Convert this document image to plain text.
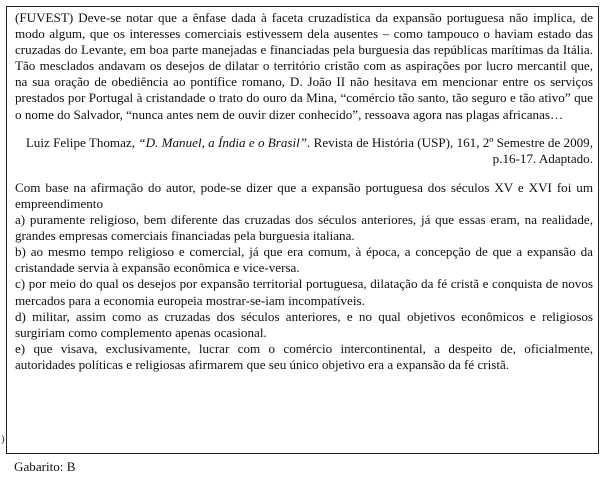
(FUVEST) Deve-se notar que a ênfase dada à faceta cruzadística da expansão portuguesa não implica, de modo algum, que os interesses comerciais estivessem dela ausentes – como tampouco o haviam estado das cruzadas do Levante, em boa parte manejadas e financiadas pela burguesia das repúblicas marítimas da Itália. Tão mesclados andavam os desejos de dilatar o território cristão com as aspirações por lucro mercantil que, na sua oração de obediência ao pontífice romano, D. João II não hesitava em mencionar entre os serviços prestados por Portugal à cristandade o trato do ouro da Mina, “comércio tão santo, tão seguro e tão ativo” que o nome do Salvador, “nunca antes nem de ouvir dizer conhecido”, ressoava agora nas plagas africanas…

Luiz Felipe Thomaz, “D. Manuel, a Índia e o Brasil”. Revista de História (USP), 161, 2º Semestre de 2009, p.16-17. Adaptado.

Com base na afirmação do autor, pode-se dizer que a expansão portuguesa dos séculos XV e XVI foi um empreendimento

a) puramente religioso, bem diferente das cruzadas dos séculos anteriores, já que essas eram, na realidade, grandes empresas comerciais financiadas pela burguesia italiana.

b) ao mesmo tempo religioso e comercial, já que era comum, à época, a concepção de que a expansão da cristandade servia à expansão econômica e vice-versa.

c) por meio do qual os desejos por expansão territorial portuguesa, dilatação da fé cristã e conquista de novos mercados para a economia europeia mostrar-se-iam incompatíveis.

d) militar, assim como as cruzadas dos séculos anteriores, e no qual objetivos econômicos e religiosos surgiriam como complemento apenas ocasional.

e) que visava, exclusivamente, lucrar com o comércio intercontinental, a despeito de, oficialmente, autoridades políticas e religiosas afirmarem que seu único objetivo era a expansão da fé cristã.

)
Gabarito: B
